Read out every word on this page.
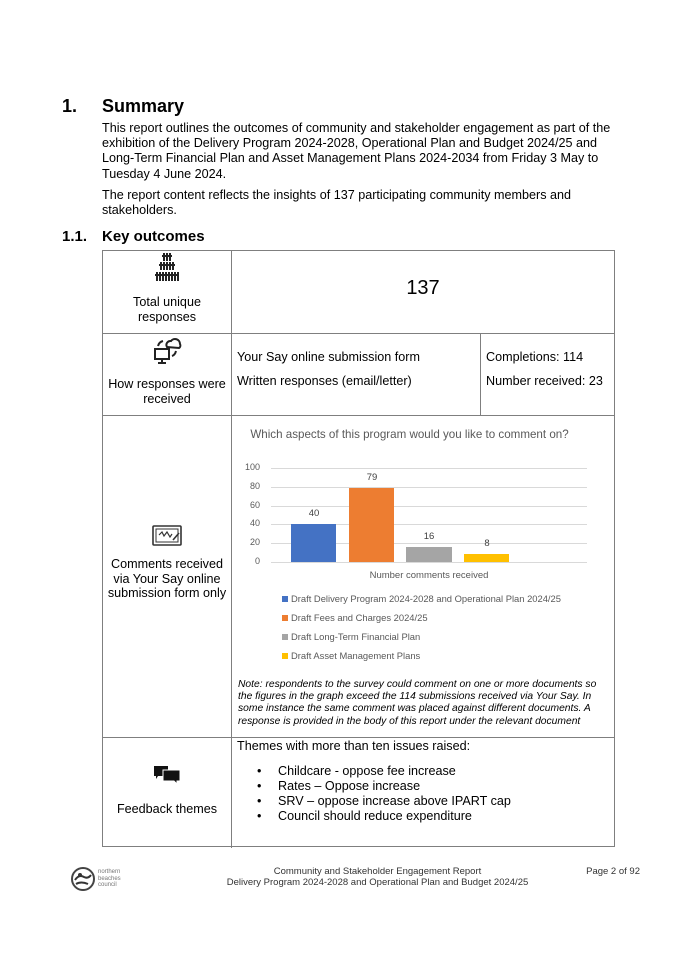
1. Summary

This report outlines the outcomes of community and stakeholder engagement as part of the exhibition of the Delivery Program 2024-2028, Operational Plan and Budget 2024/25 and Long-Term Financial Plan and Asset Management Plans 2024-2034 from Friday 3 May to Tuesday 4 June 2024.

The report content reflects the insights of 137 participating community members and stakeholders.

1.1. Key outcomes
Total unique responses
137
How responses were received
Your Say online submission form
Written responses (email/letter)
Completions: 114
Number received: 23
Comments received via Your Say online submission form only
Which aspects of this program would you like to comment on?
100
80
60
40
20
0
40
79
16
8
Number comments received
Draft Delivery Program 2024-2028 and Operational Plan 2024/25
Draft Fees and Charges 2024/25
Draft Long-Term Financial Plan
Draft Asset Management Plans
Note: respondents to the survey could comment on one or more documents so the figures in the graph exceed the 114 submissions received via Your Say. In some instance the same comment was placed against different documents. A response is provided in the body of this report under the relevant document
Feedback themes
Themes with more than ten issues raised:
• Childcare - oppose fee increase
• Rates – Oppose increase
• SRV – oppose increase above IPART cap
• Council should reduce expenditure
northern
beaches
council
Community and Stakeholder Engagement Report
Delivery Program 2024-2028 and Operational Plan and Budget 2024/25
Page 2 of 92
